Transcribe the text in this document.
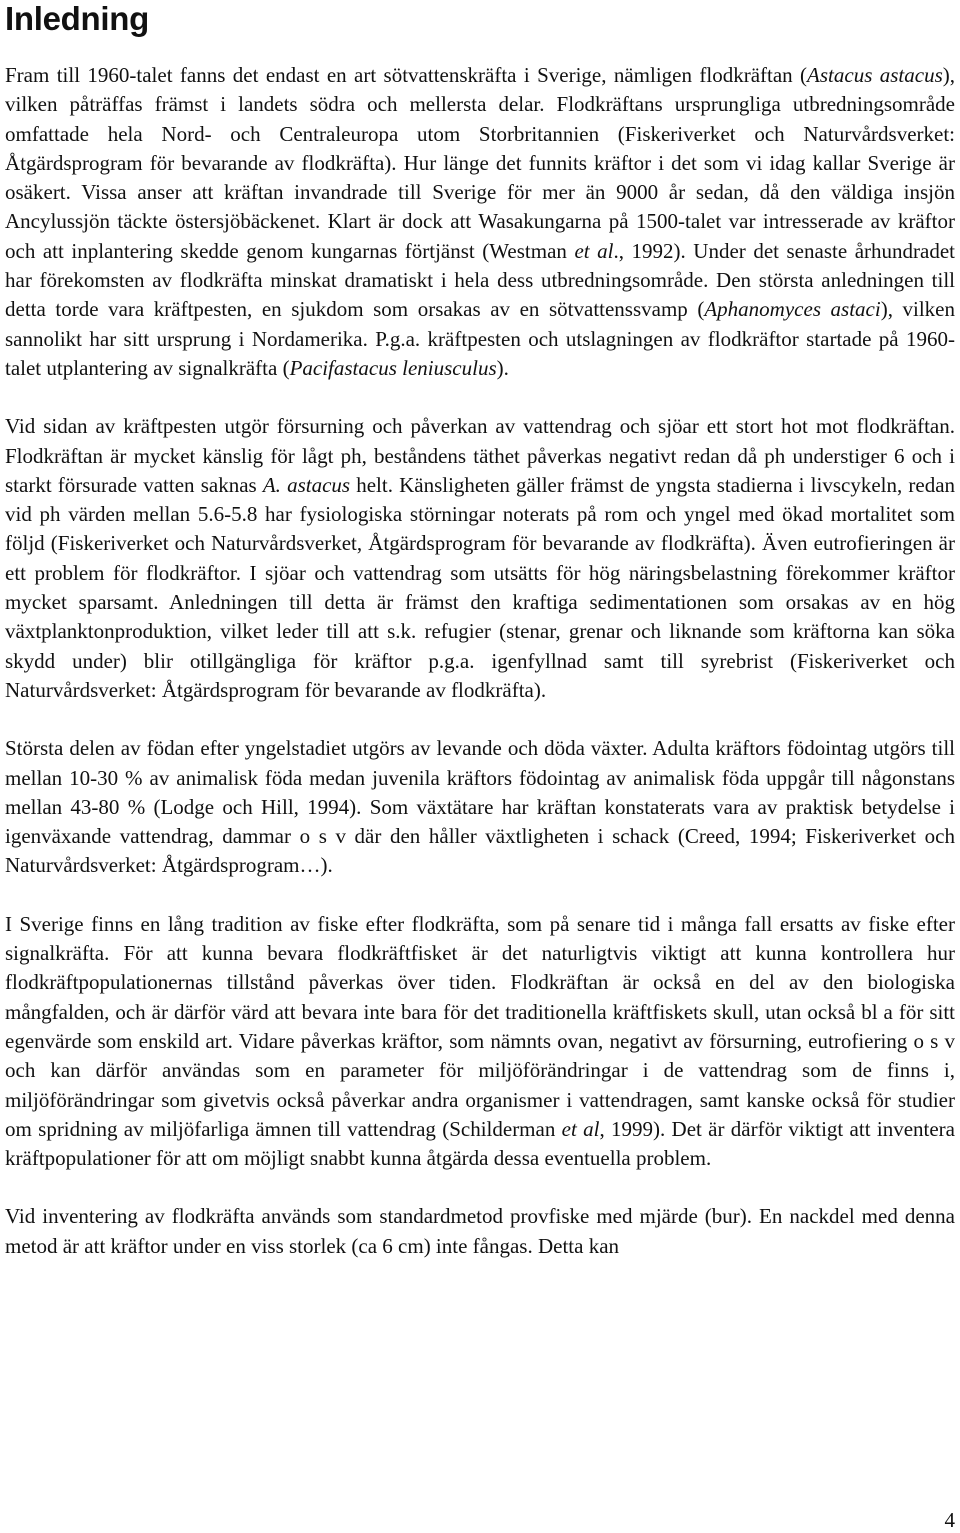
Inledning

Fram till 1960-talet fanns det endast en art sötvattenskräfta i Sverige, nämligen flodkräftan (Astacus astacus), vilken påträffas främst i landets södra och mellersta delar. Flodkräftans ursprungliga utbredningsområde omfattade hela Nord- och Centraleuropa utom Storbritannien (Fiskeriverket och Naturvårdsverket: Åtgärdsprogram för bevarande av flodkräfta). Hur länge det funnits kräftor i det som vi idag kallar Sverige är osäkert. Vissa anser att kräftan invandrade till Sverige för mer än 9000 år sedan, då den väldiga insjön Ancylussjön täckte östersjöbäckenet. Klart är dock att Wasakungarna på 1500-talet var intresserade av kräftor och att inplantering skedde genom kungarnas förtjänst (Westman et al., 1992). Under det senaste århundradet har förekomsten av flodkräfta minskat dramatiskt i hela dess utbredningsområde. Den största anledningen till detta torde vara kräftpesten, en sjukdom som orsakas av en sötvattenssvamp (Aphanomyces astaci), vilken sannolikt har sitt ursprung i Nordamerika. P.g.a. kräftpesten och utslagningen av flodkräftor startade på 1960-talet utplantering av signalkräfta (Pacifastacus leniusculus).

Vid sidan av kräftpesten utgör försurning och påverkan av vattendrag och sjöar ett stort hot mot flodkräftan. Flodkräftan är mycket känslig för lågt ph, beståndens täthet påverkas negativt redan då ph understiger 6 och i starkt försurade vatten saknas A. astacus helt. Känsligheten gäller främst de yngsta stadierna i livscykeln, redan vid ph värden mellan 5.6-5.8 har fysiologiska störningar noterats på rom och yngel med ökad mortalitet som följd (Fiskeriverket och Naturvårdsverket, Åtgärdsprogram för bevarande av flodkräfta). Även eutrofieringen är ett problem för flodkräftor. I sjöar och vattendrag som utsätts för hög näringsbelastning förekommer kräftor mycket sparsamt. Anledningen till detta är främst den kraftiga sedimentationen som orsakas av en hög växtplanktonproduktion, vilket leder till att s.k. refugier (stenar, grenar och liknande som kräftorna kan söka skydd under) blir otillgängliga för kräftor p.g.a. igenfyllnad samt till syrebrist (Fiskeriverket och Naturvårdsverket: Åtgärdsprogram för bevarande av flodkräfta).

Största delen av födan efter yngelstadiet utgörs av levande och döda växter. Adulta kräftors födointag utgörs till mellan 10-30 % av animalisk föda medan juvenila kräftors födointag av animalisk föda uppgår till någonstans mellan 43-80 % (Lodge och Hill, 1994). Som växtätare har kräftan konstaterats vara av praktisk betydelse i igenväxande vattendrag, dammar o s v där den håller växtligheten i schack (Creed, 1994; Fiskeriverket och Naturvårdsverket: Åtgärdsprogram…).

I Sverige finns en lång tradition av fiske efter flodkräfta, som på senare tid i många fall ersatts av fiske efter signalkräfta. För att kunna bevara flodkräftfisket är det naturligtvis viktigt att kunna kontrollera hur flodkräftpopulationernas tillstånd påverkas över tiden. Flodkräftan är också en del av den biologiska mångfalden, och är därför värd att bevara inte bara för det traditionella kräftfiskets skull, utan också bl a för sitt egenvärde som enskild art. Vidare påverkas kräftor, som nämnts ovan, negativt av försurning, eutrofiering o s v och kan därför användas som en parameter för miljöförändringar i de vattendrag som de finns i, miljöförändringar som givetvis också påverkar andra organismer i vattendragen, samt kanske också för studier om spridning av miljöfarliga ämnen till vattendrag (Schilderman et al, 1999). Det är därför viktigt att inventera kräftpopulationer för att om möjligt snabbt kunna åtgärda dessa eventuella problem.

Vid inventering av flodkräfta används som standardmetod provfiske med mjärde (bur). En nackdel med denna metod är att kräftor under en viss storlek (ca 6 cm) inte fångas. Detta kan

4
